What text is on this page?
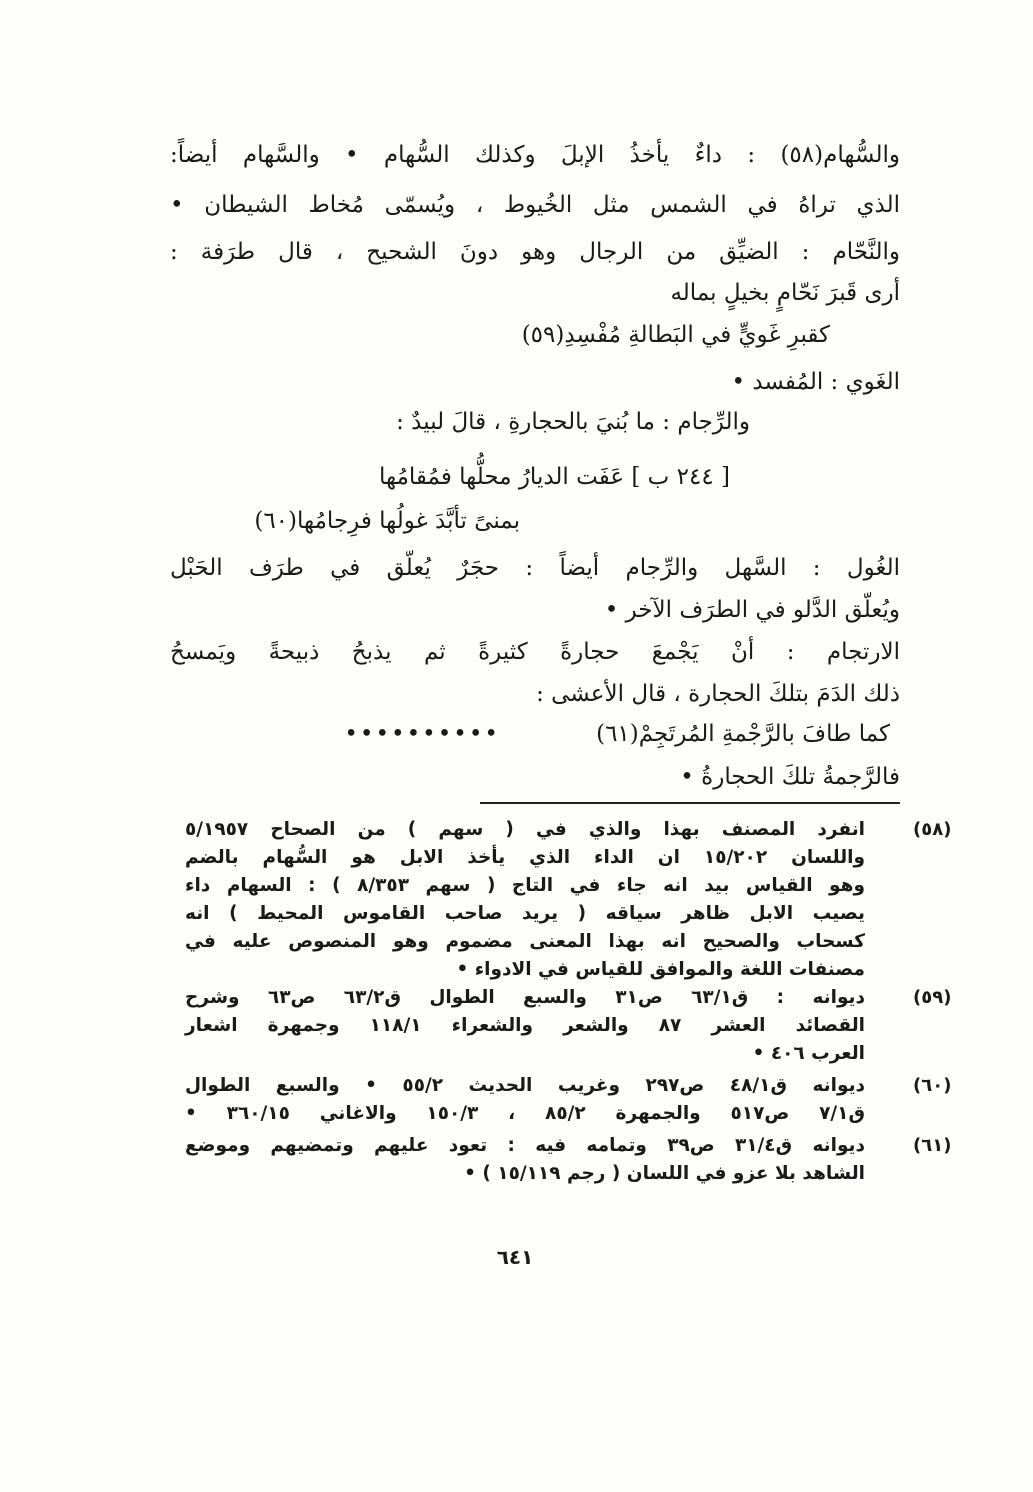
والسُّهام(٥٨) : داءٌ يأخذُ الإبلَ وكذلك السُّهام • والسَّهام أيضاً:
الذي تراهُ في الشمس مثل الخُيوط ، ويُسمّى مُخاط الشيطان •
والنَّحّام : الضيِّق من الرجال وهو دونَ الشحيح ، قال طرَفة :
أرى قَبرَ نَحّامٍ بخيلٍ بماله
كقبرِ غَويٍّ في البَطالةِ مُفْسِدِ(٥٩)
الغَوي : المُفسد •
والرِّجام : ما بُنيَ بالحجارةِ ، قالَ لبيدٌ :
[ ٢٤٤ ب ] عَفَت الديارُ محلُّها فمُقامُها
بمنىً تأبَّدَ غولُها فرِجامُها(٦٠)
الغُول : السَّهل والرِّجام أيضاً : حجَرٌ يُعلّق في طرَف الحَبْل
ويُعلّق الدَّلو في الطرَف الآخر •
الارتجام : أنْ يَجْمعَ حجارةً كثيرةً ثم يذبحُ ذبيحةً ويَمسحُ
ذلك الدَمَ بتلكَ الحجارة ، قال الأعشى :
••••••••••	كما طافَ بالرَّجْمةِ المُرتَجِمْ(٦١)
فالرَّجمةُ تلكَ الحجارةُ •
(٥٨)
انفرد المصنف بهذا والذي في ( سهم ) من الصحاح ٥/١٩٥٧
واللسان ١٥/٢٠٢ ان الداء الذي يأخذ الابل هو السُّهام بالضم
وهو القياس بيد انه جاء في التاج ( سهم ٨/٣٥٣ ) : السهام داء
يصيب الابل ظاهر سياقه ( يريد صاحب القاموس المحيط ) انه
كسحاب والصحيح انه بهذا المعنى مضموم وهو المنصوص عليه في
مصنفات اللغة والموافق للقياس في الادواء •
(٥٩)
ديوانه : ق٦٣/١ ص٣١ والسبع الطوال ق٦٣/٢ ص٦٣ وشرح
القصائد العشر ٨٧ والشعر والشعراء ١١٨/١ وجمهرة اشعار
العرب ٤٠٦ •
(٦٠)
ديوانه ق٤٨/١ ص٢٩٧ وغريب الحديث ٥٥/٢ • والسبع الطوال
ق٧/١ ص٥١٧ والجمهرة ٨٥/٢ ، ١٥٠/٣ والاغاني ٣٦٠/١٥ •
(٦١)
ديوانه ق٣١/٤ ص٣٩ وتمامه فيه : تعود عليهم وتمضيهم وموضع
الشاهد بلا عزو في اللسان ( رجم ١٥/١١٩ ) •
٦٤١
